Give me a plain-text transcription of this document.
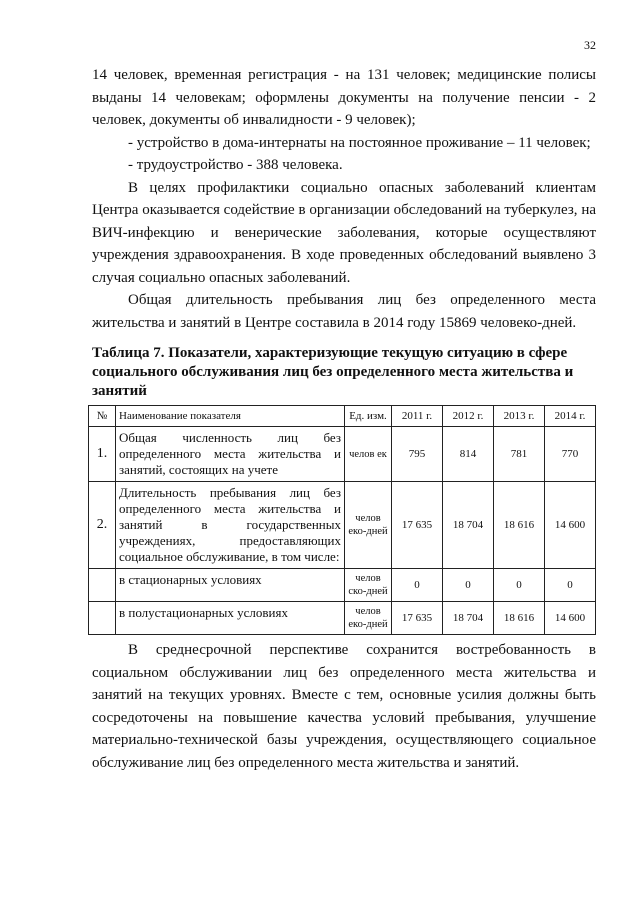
32

14 человек, временная регистрация - на 131 человек; медицинские полисы выданы 14 человекам; оформлены документы на получение пенсии - 2 человек, документы об инвалидности - 9 человек);

- устройство в дома-интернаты на постоянное проживание – 11 человек;

- трудоустройство - 388 человека.

В целях профилактики социально опасных заболеваний клиентам Центра оказывается содействие в организации обследований на туберкулез, на ВИЧ-инфекцию и венерические заболевания, которые осуществляют учреждения здравоохранения. В ходе проведенных обследований выявлено 3 случая социально опасных заболеваний.

Общая длительность пребывания лиц без определенного места жительства и занятий в Центре составила в 2014 году 15869 человеко-дней.

Таблица 7. Показатели, характеризующие текущую ситуацию в сфере социального обслуживания лиц без определенного места жительства и занятий
№	Наименование показателя	Ед. изм.	2011 г.	2012 г.	2013 г.	2014 г.
1.	Общая численность лиц без определенного места жительства и занятий, состоящих на учете	челов ек	795	814	781	770
2.	Длительность пребывания лиц без определенного места жительства и занятий в государственных учреждениях, предоставляющих социальное обслуживание, в том числе:	челов еко-дней	17 635	18 704	18 616	14 600
	в стационарных условиях	челов ско-дней	0	0	0	0
	в полустационарных условиях	челов еко-дней	17 635	18 704	18 616	14 600

В среднесрочной перспективе сохранится востребованность в социальном обслуживании лиц без определенного места жительства и занятий на текущих уровнях. Вместе с тем, основные усилия должны быть сосредоточены на повышение качества условий пребывания, улучшение материально-технической базы учреждения, осуществляющего социальное обслуживание лиц без определенного места жительства и занятий.
